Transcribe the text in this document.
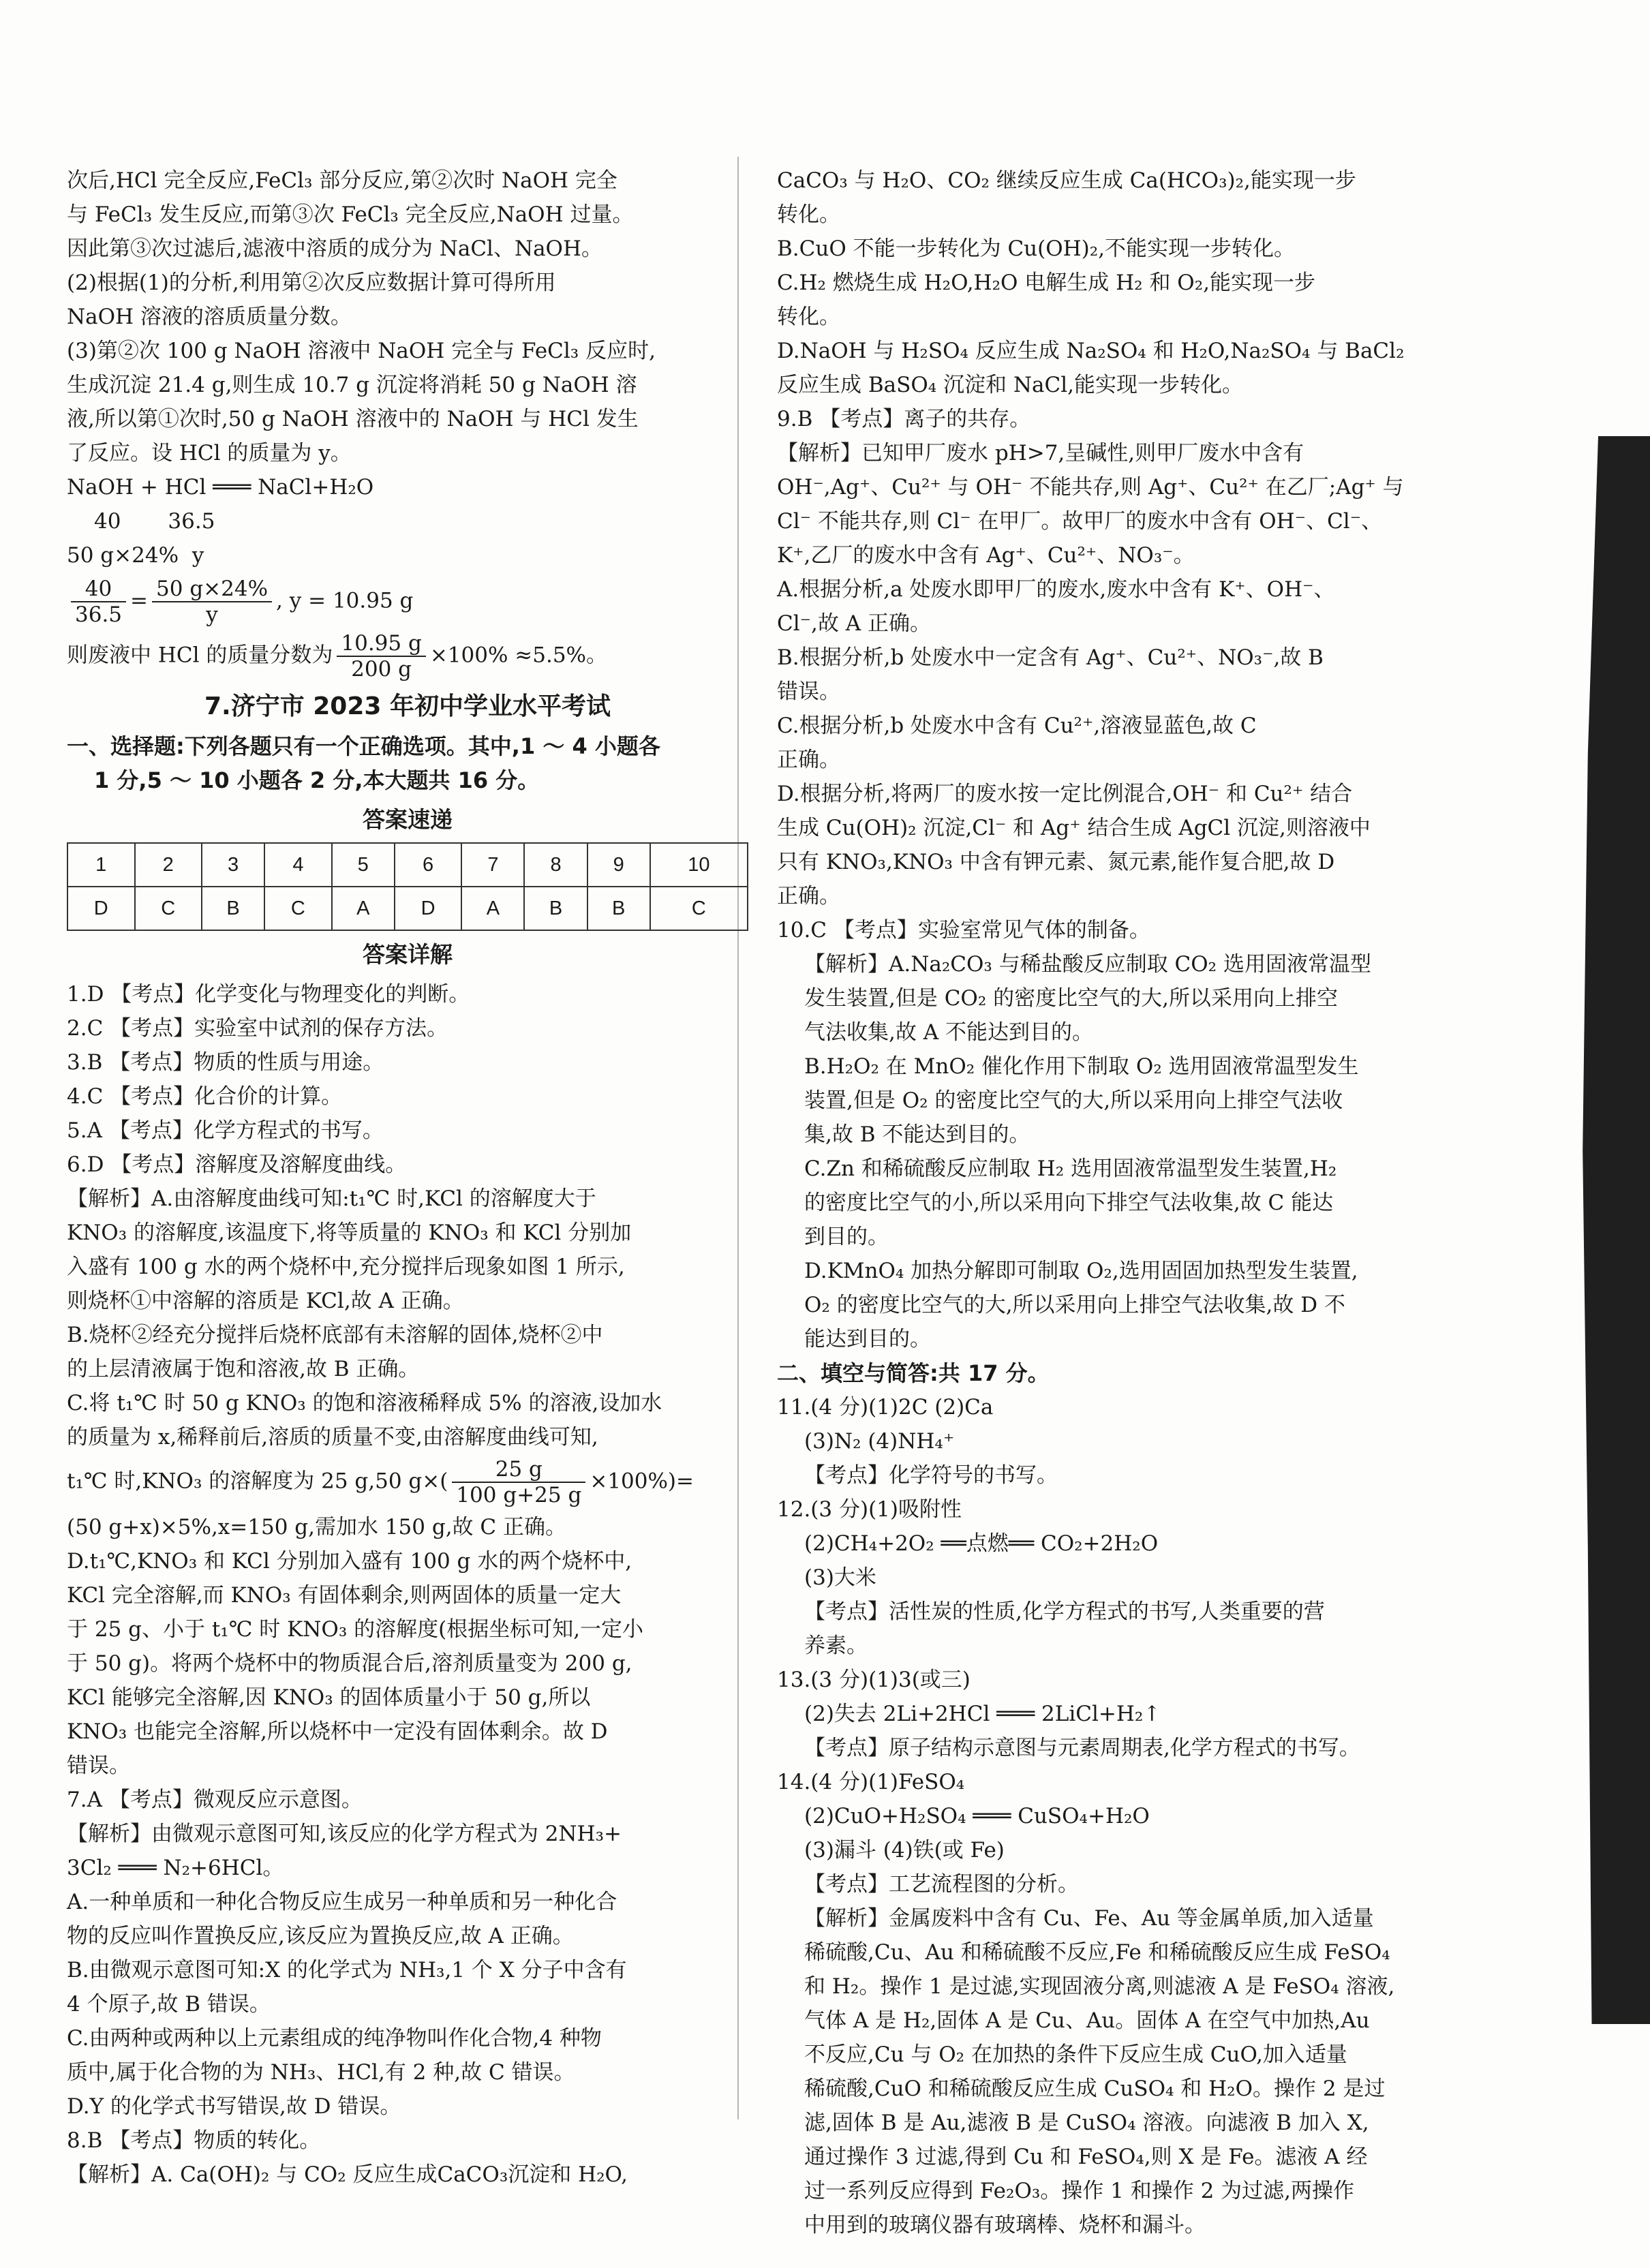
次后,HCl 完全反应,FeCl₃ 部分反应,第②次时 NaOH 完全

与 FeCl₃ 发生反应,而第③次 FeCl₃ 完全反应,NaOH 过量。

因此第③次过滤后,滤液中溶质的成分为 NaCl、NaOH。

(2)根据(1)的分析,利用第②次反应数据计算可得所用

NaOH 溶液的溶质质量分数。

(3)第②次 100 g NaOH 溶液中 NaOH 完全与 FeCl₃ 反应时,

生成沉淀 21.4 g,则生成 10.7 g 沉淀将消耗 50 g NaOH 溶

液,所以第①次时,50 g NaOH 溶液中的 NaOH 与 HCl 发生

了反应。设 HCl 的质量为 y。

NaOH + HCl ═══ NaCl+H₂O

40       36.5

50 g×24%  y

$\frac{40}{36.5} = \frac{50 g\times 24\%}{y}$ , y = 10.95 g
则废液中 HCl 的质量分数为 $\frac{10.95 g}{200 g} \times 100\% \approx 5.5\%$。
7.济宁市 2023 年初中学业水平考试
一、选择题:下列各题只有一个正确选项。其中,1 ～ 4 小题各
1 分,5 ～ 10 小题各 2 分,本大题共 16 分。
答案速递
1	2	3	4	5	6	7	8	9	10
D	C	B	C	A	D	A	B	B	C
答案详解

1.D 【考点】化学变化与物理变化的判断。

2.C 【考点】实验室中试剂的保存方法。

3.B 【考点】物质的性质与用途。

4.C 【考点】化合价的计算。

5.A 【考点】化学方程式的书写。

6.D 【考点】溶解度及溶解度曲线。

【解析】A.由溶解度曲线可知:t₁℃ 时,KCl 的溶解度大于

KNO₃ 的溶解度,该温度下,将等质量的 KNO₃ 和 KCl 分别加

入盛有 100 g 水的两个烧杯中,充分搅拌后现象如图 1 所示,

则烧杯①中溶解的溶质是 KCl,故 A 正确。

B.烧杯②经充分搅拌后烧杯底部有未溶解的固体,烧杯②中

的上层清液属于饱和溶液,故 B 正确。

C.将 t₁℃ 时 50 g KNO₃ 的饱和溶液稀释成 5% 的溶液,设加水

的质量为 x,稀释前后,溶质的质量不变,由溶解度曲线可知,

t₁℃ 时,KNO₃ 的溶解度为 25 g,50 $g\times( \frac{25 g}{100 g+25 g} \times 100\%)=$

(50 g+x)×5%,x=150 g,需加水 150 g,故 C 正确。

D.t₁℃,KNO₃ 和 KCl 分别加入盛有 100 g 水的两个烧杯中,

KCl 完全溶解,而 KNO₃ 有固体剩余,则两固体的质量一定大

于 25 g、小于 t₁℃ 时 KNO₃ 的溶解度(根据坐标可知,一定小

于 50 g)。将两个烧杯中的物质混合后,溶剂质量变为 200 g,

KCl 能够完全溶解,因 KNO₃ 的固体质量小于 50 g,所以

KNO₃ 也能完全溶解,所以烧杯中一定没有固体剩余。故 D

错误。

7.A 【考点】微观反应示意图。

【解析】由微观示意图可知,该反应的化学方程式为 2NH₃+

3Cl₂ ═══ N₂+6HCl。

A.一种单质和一种化合物反应生成另一种单质和另一种化合

物的反应叫作置换反应,该反应为置换反应,故 A 正确。

B.由微观示意图可知:X 的化学式为 NH₃,1 个 X 分子中含有

4 个原子,故 B 错误。

C.由两种或两种以上元素组成的纯净物叫作化合物,4 种物

质中,属于化合物的为 NH₃、HCl,有 2 种,故 C 错误。

D.Y 的化学式书写错误,故 D 错误。

8.B 【考点】物质的转化。

【解析】A. Ca(OH)₂ 与 CO₂ 反应生成CaCO₃沉淀和 H₂O,

CaCO₃ 与 H₂O、CO₂ 继续反应生成 Ca(HCO₃)₂,能实现一步

转化。

B.CuO 不能一步转化为 Cu(OH)₂,不能实现一步转化。

C.H₂ 燃烧生成 H₂O,H₂O 电解生成 H₂ 和 O₂,能实现一步

转化。

D.NaOH 与 H₂SO₄ 反应生成 Na₂SO₄ 和 H₂O,Na₂SO₄ 与 BaCl₂

反应生成 BaSO₄ 沉淀和 NaCl,能实现一步转化。

9.B 【考点】离子的共存。

【解析】已知甲厂废水 pH>7,呈碱性,则甲厂废水中含有

OH⁻,Ag⁺、Cu²⁺ 与 OH⁻ 不能共存,则 Ag⁺、Cu²⁺ 在乙厂;Ag⁺ 与

Cl⁻ 不能共存,则 Cl⁻ 在甲厂。故甲厂的废水中含有 OH⁻、Cl⁻、

K⁺,乙厂的废水中含有 Ag⁺、Cu²⁺、NO₃⁻。

A.根据分析,a 处废水即甲厂的废水,废水中含有 K⁺、OH⁻、

Cl⁻,故 A 正确。

B.根据分析,b 处废水中一定含有 Ag⁺、Cu²⁺、NO₃⁻,故 B

错误。

C.根据分析,b 处废水中含有 Cu²⁺,溶液显蓝色,故 C

正确。

D.根据分析,将两厂的废水按一定比例混合,OH⁻ 和 Cu²⁺ 结合

生成 Cu(OH)₂ 沉淀,Cl⁻ 和 Ag⁺ 结合生成 AgCl 沉淀,则溶液中

只有 KNO₃,KNO₃ 中含有钾元素、氮元素,能作复合肥,故 D

正确。

10.C 【考点】实验室常见气体的制备。

【解析】A.Na₂CO₃ 与稀盐酸反应制取 CO₂ 选用固液常温型

发生装置,但是 CO₂ 的密度比空气的大,所以采用向上排空

气法收集,故 A 不能达到目的。

B.H₂O₂ 在 MnO₂ 催化作用下制取 O₂ 选用固液常温型发生

装置,但是 O₂ 的密度比空气的大,所以采用向上排空气法收

集,故 B 不能达到目的。

C.Zn 和稀硫酸反应制取 H₂ 选用固液常温型发生装置,H₂

的密度比空气的小,所以采用向下排空气法收集,故 C 能达

到目的。

D.KMnO₄ 加热分解即可制取 O₂,选用固固加热型发生装置,

O₂ 的密度比空气的大,所以采用向上排空气法收集,故 D 不

能达到目的。

二、填空与简答:共 17 分。

11.(4 分)(1)2C (2)Ca

(3)N₂ (4)NH₄⁺

【考点】化学符号的书写。

12.(3 分)(1)吸附性

(2)CH₄+2O₂ ══点燃══ CO₂+2H₂O

(3)大米

【考点】活性炭的性质,化学方程式的书写,人类重要的营

养素。

13.(3 分)(1)3(或三)

(2)失去 2Li+2HCl ═══ 2LiCl+H₂↑

【考点】原子结构示意图与元素周期表,化学方程式的书写。

14.(4 分)(1)FeSO₄

(2)CuO+H₂SO₄ ═══ CuSO₄+H₂O

(3)漏斗 (4)铁(或 Fe)

【考点】工艺流程图的分析。

【解析】金属废料中含有 Cu、Fe、Au 等金属单质,加入适量

稀硫酸,Cu、Au 和稀硫酸不反应,Fe 和稀硫酸反应生成 FeSO₄

和 H₂。操作 1 是过滤,实现固液分离,则滤液 A 是 FeSO₄ 溶液,

气体 A 是 H₂,固体 A 是 Cu、Au。固体 A 在空气中加热,Au

不反应,Cu 与 O₂ 在加热的条件下反应生成 CuO,加入适量

稀硫酸,CuO 和稀硫酸反应生成 CuSO₄ 和 H₂O。操作 2 是过

滤,固体 B 是 Au,滤液 B 是 CuSO₄ 溶液。向滤液 B 加入 X,

通过操作 3 过滤,得到 Cu 和 FeSO₄,则 X 是 Fe。滤液 A 经

过一系列反应得到 Fe₂O₃。操作 1 和操作 2 为过滤,两操作

中用到的玻璃仪器有玻璃棒、烧杯和漏斗。
